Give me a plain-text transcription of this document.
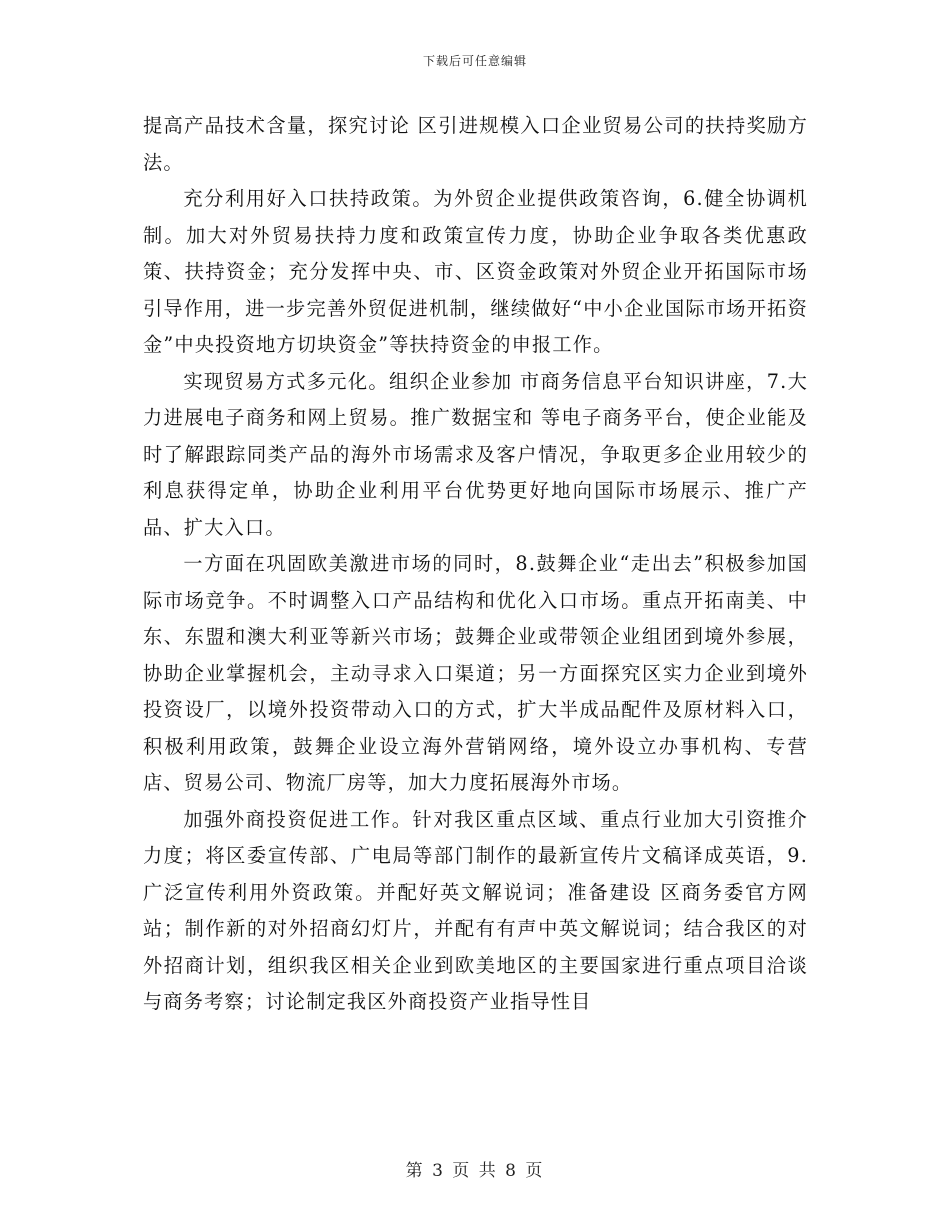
下载后可任意编辑

提高产品技术含量，探究讨论 区引进规模入口企业贸易公司的扶持奖励方法。

充分利用好入口扶持政策。为外贸企业提供政策咨询，6.健全协调机制。加大对外贸易扶持力度和政策宣传力度，协助企业争取各类优惠政策、扶持资金；充分发挥中央、市、区资金政策对外贸企业开拓国际市场引导作用，进一步完善外贸促进机制，继续做好“中小企业国际市场开拓资金”中央投资地方切块资金”等扶持资金的申报工作。

实现贸易方式多元化。组织企业参加 市商务信息平台知识讲座，7.大力进展电子商务和网上贸易。推广数据宝和 等电子商务平台，使企业能及时了解跟踪同类产品的海外市场需求及客户情况，争取更多企业用较少的利息获得定单，协助企业利用平台优势更好地向国际市场展示、推广产品、扩大入口。

一方面在巩固欧美激进市场的同时，8.鼓舞企业“走出去”积极参加国际市场竞争。不时调整入口产品结构和优化入口市场。重点开拓南美、中东、东盟和澳大利亚等新兴市场；鼓舞企业或带领企业组团到境外参展，协助企业掌握机会，主动寻求入口渠道；另一方面探究区实力企业到境外投资设厂，以境外投资带动入口的方式，扩大半成品配件及原材料入口，积极利用政策，鼓舞企业设立海外营销网络，境外设立办事机构、专营店、贸易公司、物流厂房等，加大力度拓展海外市场。

加强外商投资促进工作。针对我区重点区域、重点行业加大引资推介力度；将区委宣传部、广电局等部门制作的最新宣传片文稿译成英语，9.广泛宣传利用外资政策。并配好英文解说词；准备建设 区商务委官方网站；制作新的对外招商幻灯片，并配有有声中英文解说词；结合我区的对外招商计划，组织我区相关企业到欧美地区的主要国家进行重点项目洽谈与商务考察；讨论制定我区外商投资产业指导性目

第 3 页 共 8 页
